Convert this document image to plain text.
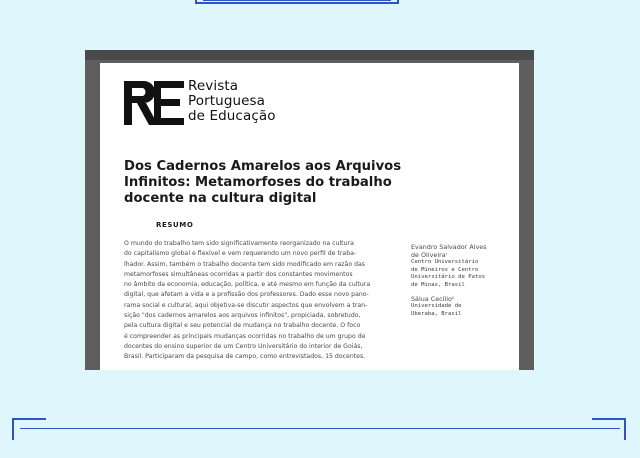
Revista
Portuguesa
de Educação
Dos Cadernos Amarelos aos Arquivos
Infinitos: Metamorfoses do trabalho
docente na cultura digital
RESUMO
O mundo do trabalho tem sido significativamente reorganizado na cultura
do capitalismo global e flexível e vem requerendo um novo perfil de traba-
lhador. Assim, também o trabalho docente tem sido modificado em razão das
metamorfoses simultâneas ocorridas a partir dos constantes movimentos
no âmbito da economia, educação, política, e até mesmo em função da cultura
digital, que afetam a vida e a profissão dos professores. Dado esse novo pano-
rama social e cultural, aqui objetiva-se discutir aspectos que envolvem a tran-
sição "dos cadernos amarelos aos arquivos infinitos", propiciada, sobretudo,
pela cultura digital e seu potencial de mudança no trabalho docente. O foco
é compreender as principais mudanças ocorridas no trabalho de um grupo de
docentes do ensino superior de um Centro Universitário do interior de Goiás,
Brasil. Participaram da pesquisa de campo, como entrevistados, 15 docentes.
Evandro Salvador Alves
de Oliveiraⁱ
Centro Universitário
de Mineiros e Centro
Universitário de Patos
de Minas, Brasil
Sálua Cecílioⁱⁱ
Universidade de
Uberaba, Brasil
